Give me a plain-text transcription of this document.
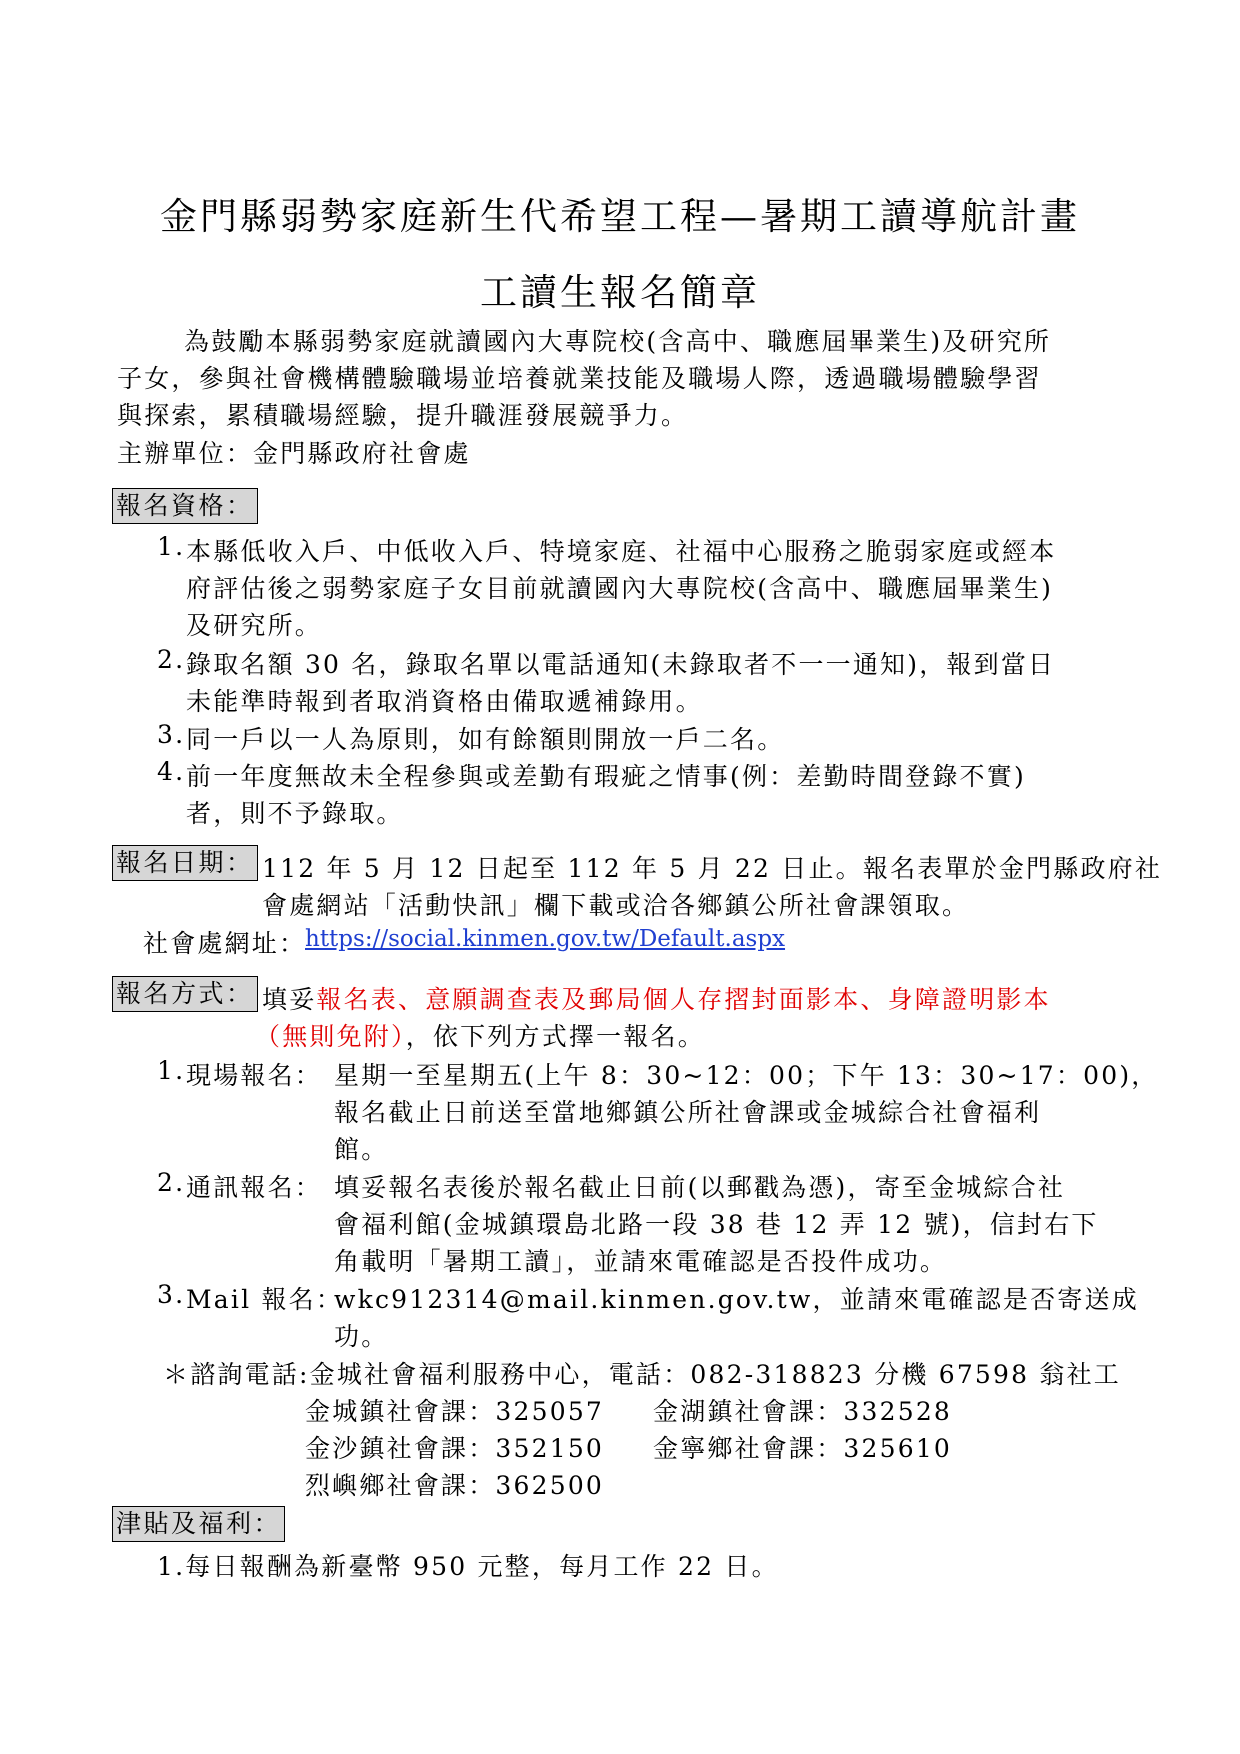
金門縣弱勢家庭新生代希望工程—暑期工讀導航計畫
工讀生報名簡章
為鼓勵本縣弱勢家庭就讀國內大專院校(含高中、職應屆畢業生)及研究所
子女，參與社會機構體驗職場並培養就業技能及職場人際，透過職場體驗學習
與探索，累積職場經驗，提升職涯發展競爭力。
主辦單位：金門縣政府社會處
報名資格：
1. 本縣低收入戶、中低收入戶、特境家庭、社福中心服務之脆弱家庭或經本
府評估後之弱勢家庭子女目前就讀國內大專院校(含高中、職應屆畢業生)
及研究所。
2. 錄取名額 30 名，錄取名單以電話通知(未錄取者不一一通知)，報到當日
未能準時報到者取消資格由備取遞補錄用。
3. 同一戶以一人為原則，如有餘額則開放一戶二名。
4. 前一年度無故未全程參與或差勤有瑕疵之情事(例：差勤時間登錄不實)
者，則不予錄取。
報名日期： 112 年 5 月 12 日起至 112 年 5 月 22 日止。報名表單於金門縣政府社
會處網站「活動快訊」欄下載或洽各鄉鎮公所社會課領取。
社會處網址：
https://social.kinmen.gov.tw/Default.aspx
報名方式： 填妥報名表、意願調查表及郵局個人存摺封面影本、身障證明影本
（無則免附），依下列方式擇一報名。
1. 現場報名： 星期一至星期五(上午 8：30~12：00；下午 13：30~17：00)，
報名截止日前送至當地鄉鎮公所社會課或金城綜合社會福利
館。
2. 通訊報名： 填妥報名表後於報名截止日前(以郵戳為憑)，寄至金城綜合社
會福利館(金城鎮環島北路一段 38 巷 12 弄 12 號)，信封右下
角載明「暑期工讀」，並請來電確認是否投件成功。
3. Mail 報名：
wkc912314@mail.kinmen.gov.tw，並請來電確認是否寄送成
功。
＊諮詢電話:金城社會福利服務中心，電話：082-318823 分機 67598 翁社工
金城鎮社會課：325057 金湖鎮社會課：332528
金沙鎮社會課：352150 金寧鄉社會課：325610
烈嶼鄉社會課：362500
津貼及福利：
1.每日報酬為新臺幣 950 元整，每月工作 22 日。
